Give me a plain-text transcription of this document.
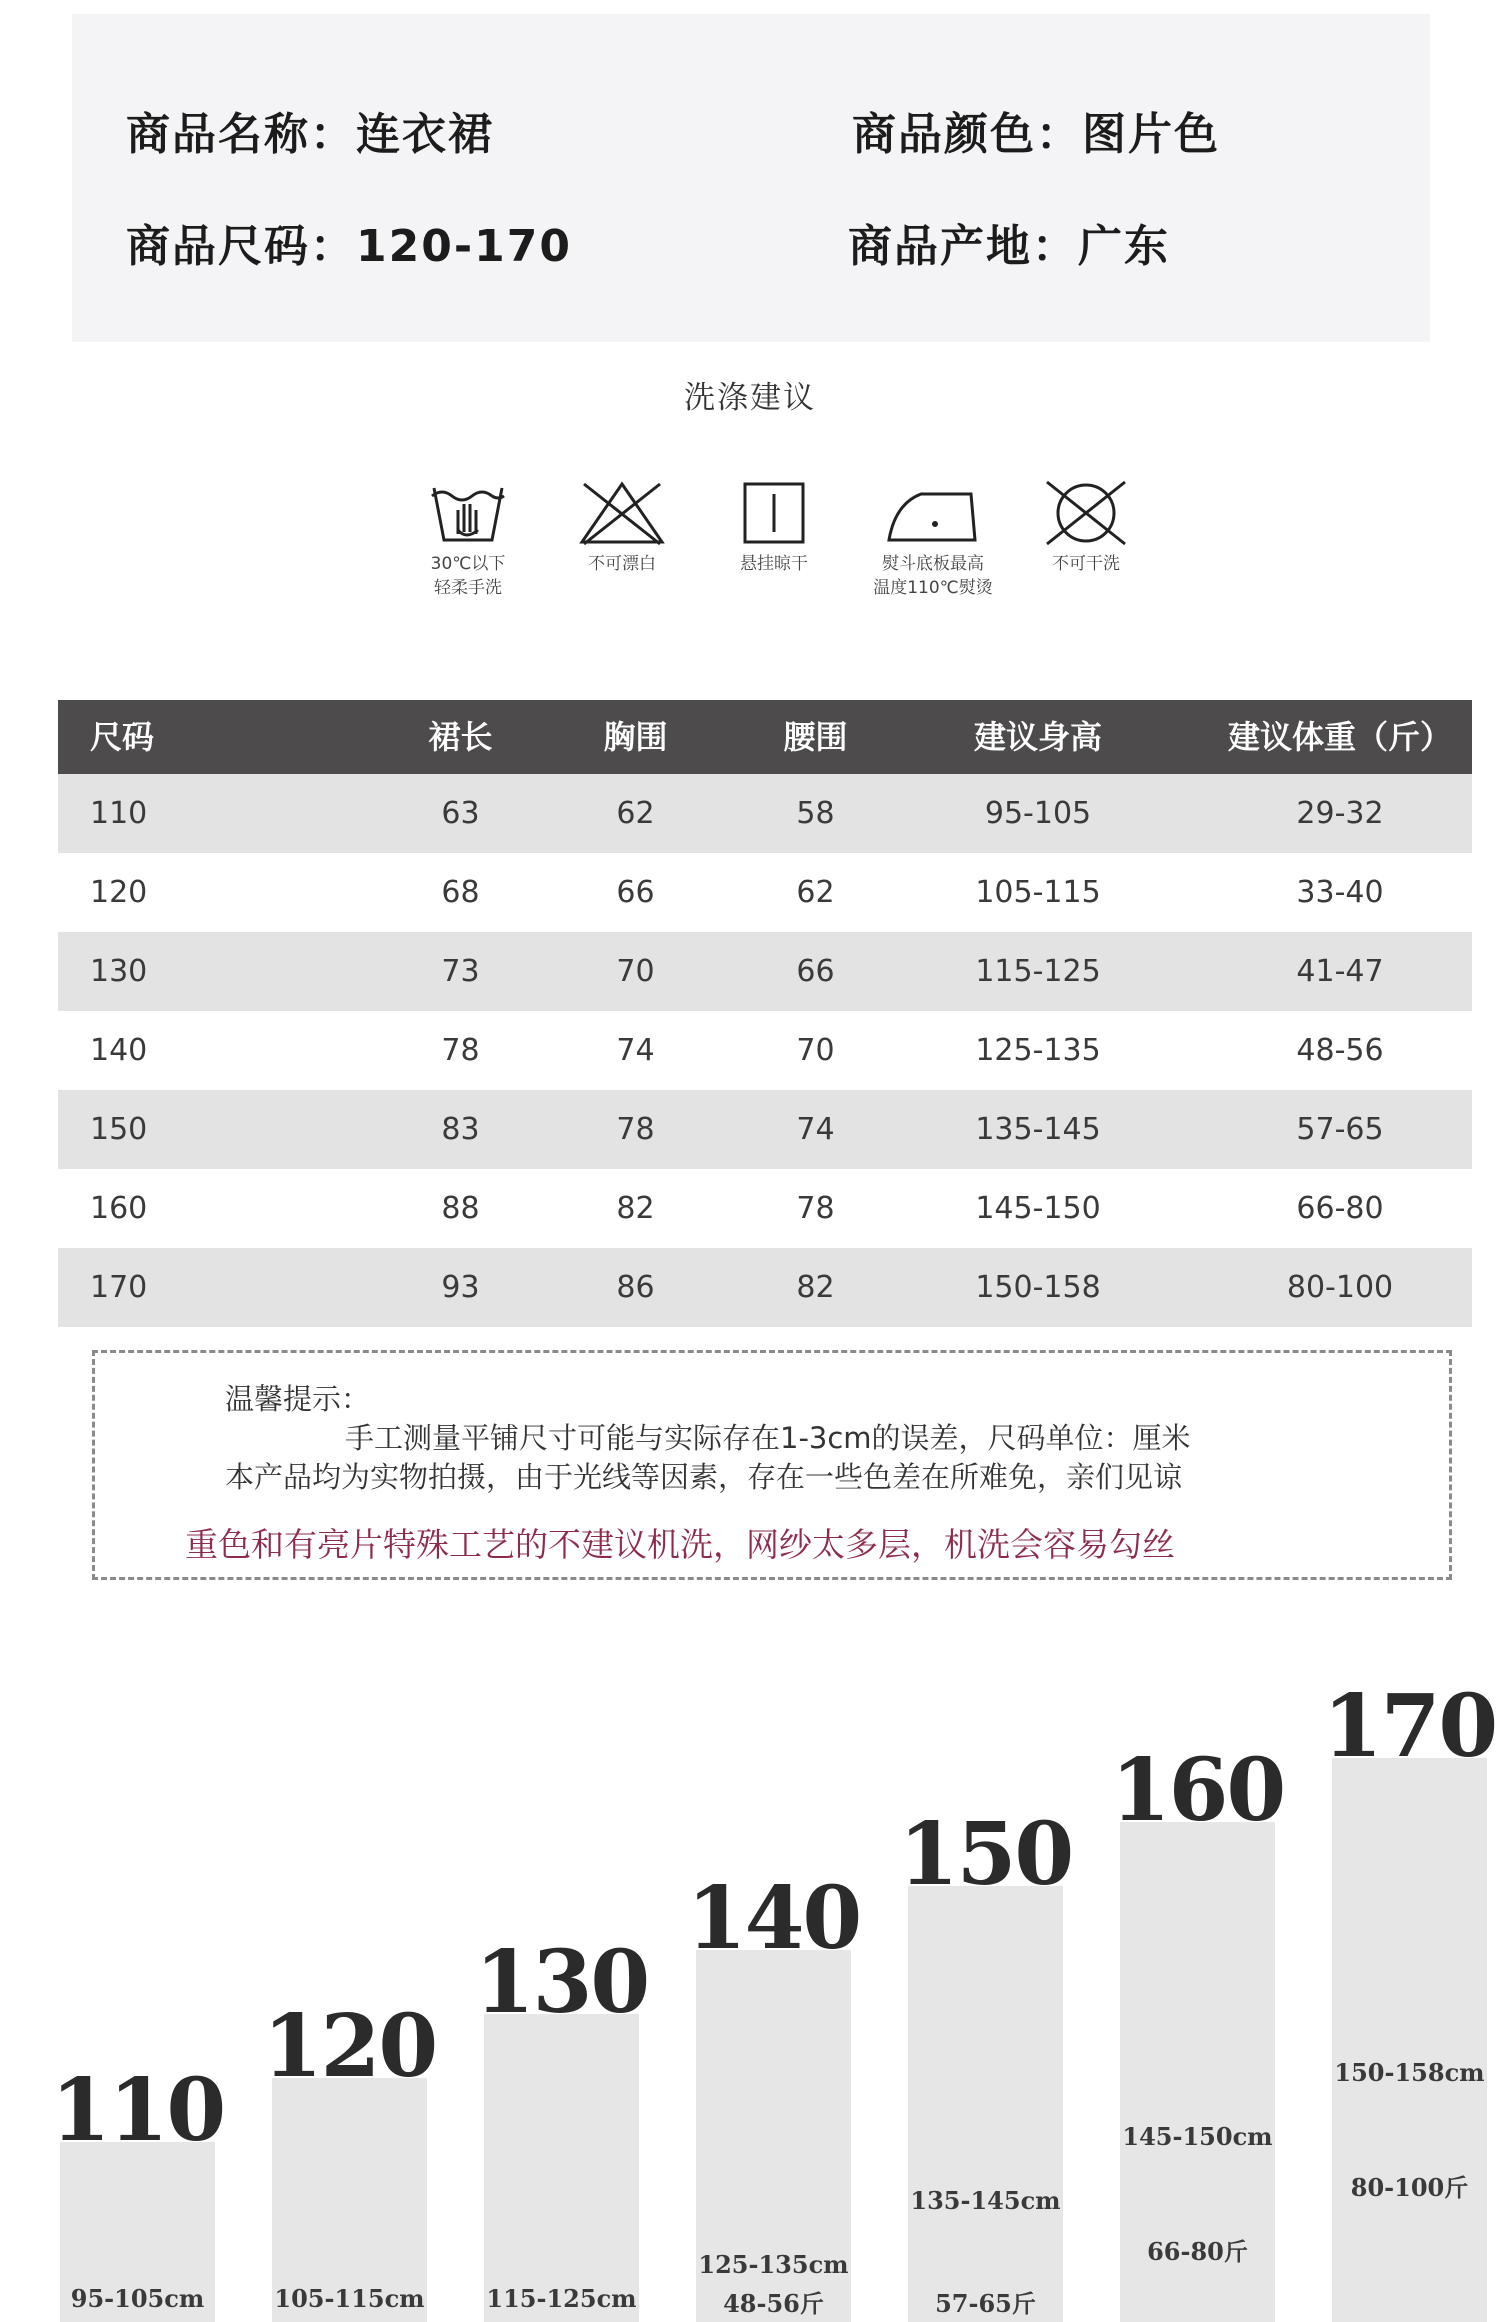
商品名称 ： 连衣裙	商品颜色 ： 图片色
商品尺码 ： 120-170	商品产地 ： 广东
洗涤建议
30℃以下
轻柔手洗
不可漂白	悬挂晾干	熨斗底板最高
温度110℃熨烫
不可干洗
尺码	裙长	胸围	腰围	建议身高	建议体重（斤）
110	63	62	58	95-105	29-32
120	68	66	62	105-115	33-40
130	73	70	66	115-125	41-47
140	78	74	70	125-135	48-56
150	83	78	74	135-145	57-65
160	88	82	78	145-150	66-80
170	93	86	82	150-158	80-100
温馨提示：
手工测量平铺尺寸可能与实际存在1-3cm的误差，尺码单位：厘米
本产品均为实物拍摄，由于光线等因素，存在一些色差在所难免，亲们见谅
重色和有亮片特殊工艺的不建议机洗，网纱太多层，机洗会容易勾丝
110
95-105cm
120
105-115cm
130
115-125cm
140
125-135cm
48-56斤
150
135-145cm
57-65斤
160
145-150cm
66-80斤
170
150-158cm
80-100斤
